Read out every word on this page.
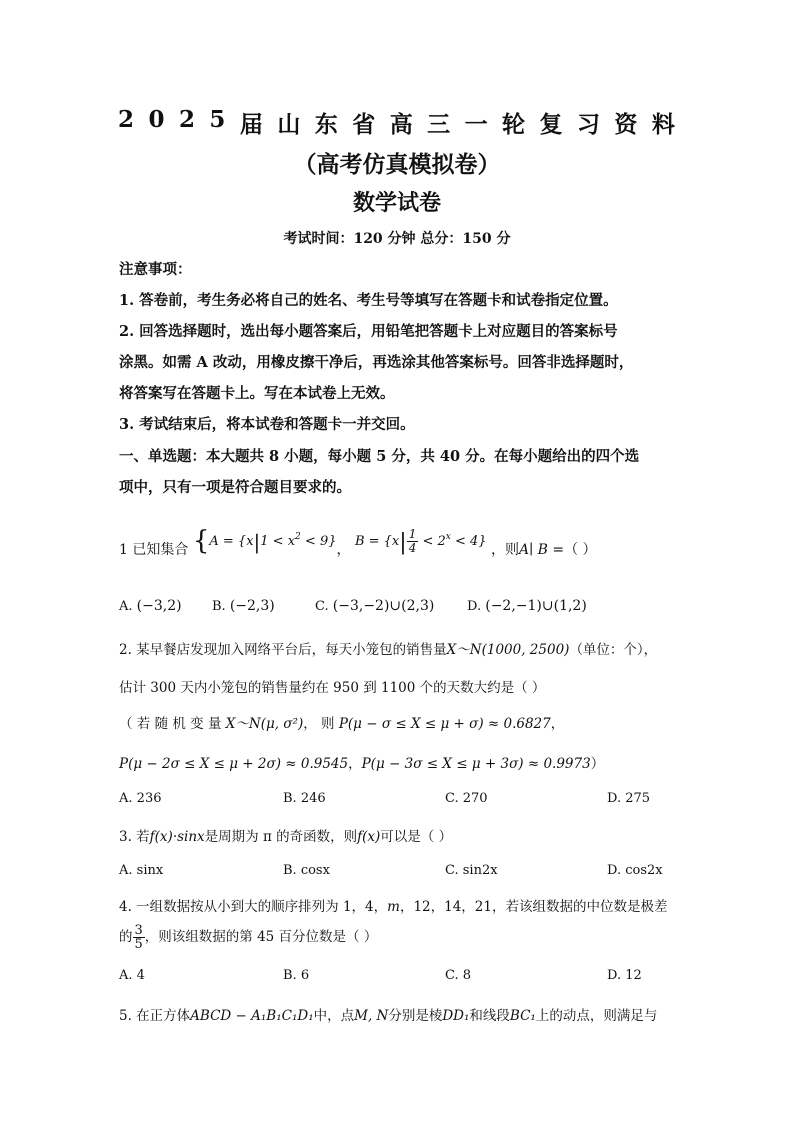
2 0 2 5 届 山 东 省 高 三 一 轮 复 习 资 料
（高考仿真模拟卷）
数学试卷
考试时间：120 分钟 总分：150 分
注意事项：
1. 答卷前，考生务必将自己的姓名、考生号等填写在答题卡和试卷指定位置。
2. 回答选择题时，选出每小题答案后，用铅笔把答题卡上对应题目的答案标号
涂黑。如需 A 改动，用橡皮擦干净后，再选涂其他答案标号。回答非选择题时，
将答案写在答题卡上。写在本试卷上无效。
3. 考试结束后，将本试卷和答题卡一并交回。
一、单选题：本大题共 8 小题，每小题 5 分，共 40 分。在每小题给出的四个选
项中，只有一项是符合题目要求的。
1 已知集合 {$A = \{x|1 < x^2 < 9\}$， $B = \{x| \frac{1}{4} < 2^x < 4\}$ ，则A∣ B =（ ）
A. (−3,2) B. (−2,3)	C. (−3,−2)∪(2,3)	D. (−2,−1)∪(1,2)
2. 某早餐店发现加入网络平台后，每天小笼包的销售量X～N(1000, 2500)（单位：个），
估计 300 天内小笼包的销售量约在 950 到 1100 个的天数大约是（ ）
（ 若 随 机 变 量 X～N(μ, σ²)， 则 P(μ − σ ≤ X ≤ μ + σ) ≈ 0.6827，
P(μ − 2σ ≤ X ≤ μ + 2σ) ≈ 0.9545，P(μ − 3σ ≤ X ≤ μ + 3σ) ≈ 0.9973）
A. 236	B. 246	C. 270	D. 275
3. 若f(x)·sinx是周期为 π 的奇函数，则f(x)可以是（ ）
A. sinx	B. cosx	C. sin2x	D. cos2x
4. 一组数据按从小到大的顺序排列为 1，4，m，12，14，21，若该组数据的中位数是极差
的 $\frac{3}{5}$ ，则该组数据的第 45 百分位数是（ ）
A. 4	B. 6	C. 8	D. 12
5. 在正方体ABCD − A₁B₁C₁D₁中，点M, N分别是棱DD₁和线段BC₁上的动点，则满足与
